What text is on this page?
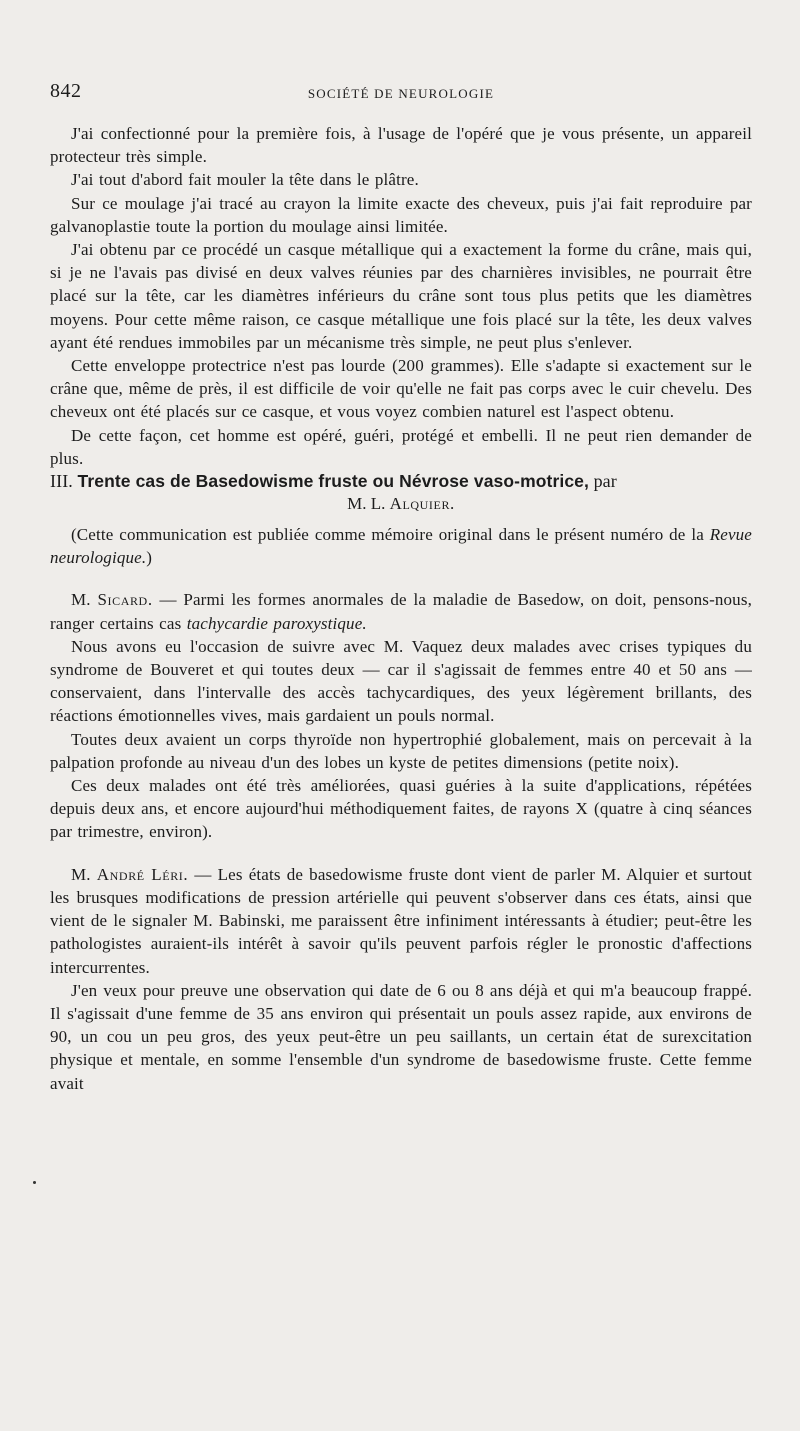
842	SOCIÉTÉ DE NEUROLOGIE

J'ai confectionné pour la première fois, à l'usage de l'opéré que je vous présente, un appareil protecteur très simple.

J'ai tout d'abord fait mouler la tête dans le plâtre.

Sur ce moulage j'ai tracé au crayon la limite exacte des cheveux, puis j'ai fait reproduire par galvanoplastie toute la portion du moulage ainsi limitée.

J'ai obtenu par ce procédé un casque métallique qui a exactement la forme du crâne, mais qui, si je ne l'avais pas divisé en deux valves réunies par des charnières invisibles, ne pourrait être placé sur la tête, car les diamètres inférieurs du crâne sont tous plus petits que les diamètres moyens. Pour cette même raison, ce casque métallique une fois placé sur la tête, les deux valves ayant été rendues immobiles par un mécanisme très simple, ne peut plus s'enlever.

Cette enveloppe protectrice n'est pas lourde (200 grammes). Elle s'adapte si exactement sur le crâne que, même de près, il est difficile de voir qu'elle ne fait pas corps avec le cuir chevelu. Des cheveux ont été placés sur ce casque, et vous voyez combien naturel est l'aspect obtenu.

De cette façon, cet homme est opéré, guéri, protégé et embelli. Il ne peut rien demander de plus.

III. Trente cas de Basedowisme fruste ou Névrose vaso-motrice, par

M. L. Alquier.

(Cette communication est publiée comme mémoire original dans le présent numéro de la Revue neurologique.)

M. Sicard. — Parmi les formes anormales de la maladie de Basedow, on doit, pensons-nous, ranger certains cas tachycardie paroxystique.

Nous avons eu l'occasion de suivre avec M. Vaquez deux malades avec crises typiques du syndrome de Bouveret et qui toutes deux — car il s'agissait de femmes entre 40 et 50 ans — conservaient, dans l'intervalle des accès tachycardiques, des yeux légèrement brillants, des réactions émotionnelles vives, mais gardaient un pouls normal.

Toutes deux avaient un corps thyroïde non hypertrophié globalement, mais on percevait à la palpation profonde au niveau d'un des lobes un kyste de petites dimensions (petite noix).

Ces deux malades ont été très améliorées, quasi guéries à la suite d'applications, répétées depuis deux ans, et encore aujourd'hui méthodiquement faites, de rayons X (quatre à cinq séances par trimestre, environ).

M. André Léri. — Les états de basedowisme fruste dont vient de parler M. Alquier et surtout les brusques modifications de pression artérielle qui peuvent s'observer dans ces états, ainsi que vient de le signaler M. Babinski, me paraissent être infiniment intéressants à étudier; peut-être les pathologistes auraient-ils intérêt à savoir qu'ils peuvent parfois régler le pronostic d'affections intercurrentes.

J'en veux pour preuve une observation qui date de 6 ou 8 ans déjà et qui m'a beaucoup frappé. Il s'agissait d'une femme de 35 ans environ qui présentait un pouls assez rapide, aux environs de 90, un cou un peu gros, des yeux peut-être un peu saillants, un certain état de surexcitation physique et mentale, en somme l'ensemble d'un syndrome de basedowisme fruste. Cette femme avait
